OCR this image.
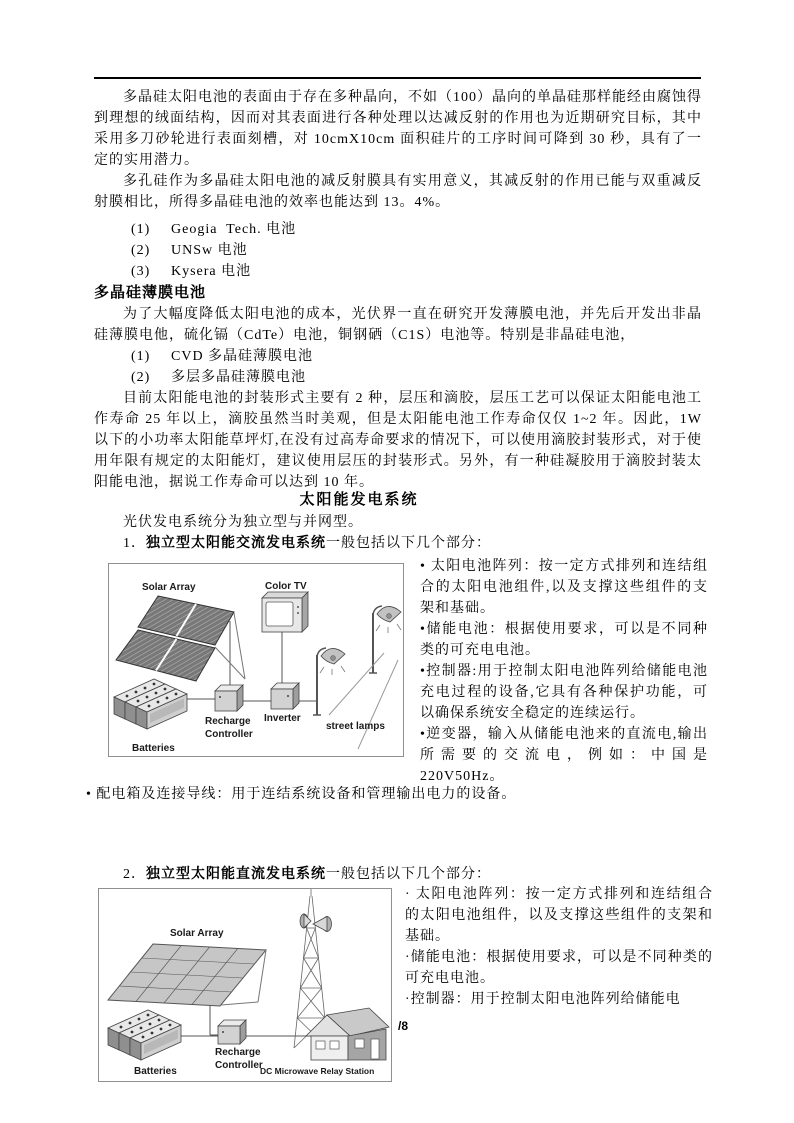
多晶硅太阳电池的表面由于存在多种晶向，不如（100）晶向的单晶硅那样能经由腐蚀得到理想的绒面结构，因而对其表面进行各种处理以达减反射的作用也为近期研究目标，其中采用多刀砂轮进行表面刻槽，对 10cmX10cm 面积硅片的工序时间可降到 30 秒，具有了一定的实用潜力。

多孔硅作为多晶硅太阳电池的减反射膜具有实用意义，其减反射的作用已能与双重减反射膜相比，所得多晶硅电池的效率也能达到 13。4%。

(1) Geogia  Tech. 电池
(2) UNSw 电池
(3) Kysera 电池
多晶硅薄膜电池

为了大幅度降低太阳电池的成本，光伏界一直在研究开发薄膜电池，并先后开发出非晶硅薄膜电他，硫化镉（CdTe）电池，铜钢硒（C1S）电池等。特别是非晶硅电池，

(1) CVD 多晶硅薄膜电池
(2) 多层多晶硅薄膜电池

目前太阳能电池的封装形式主要有 2 种，层压和滴胶，层压工艺可以保证太阳能电池工作寿命 25 年以上，滴胶虽然当时美观，但是太阳能电池工作寿命仅仅 1~2 年。因此，1W 以下的小功率太阳能草坪灯,在没有过高寿命要求的情况下，可以使用滴胶封装形式，对于使用年限有规定的太阳能灯，建议使用层压的封装形式。另外，有一种硅凝胶用于滴胶封装太阳能电池，据说工作寿命可以达到 10 年。

太阳能发电系统

光伏发电系统分为独立型与并网型。

1．独立型太阳能交流发电系统一般包括以下几个部分：
Solar Array	Color TV
Recharge
Controller
Inverter
street lamps
Batteries

• 太阳电池阵列：按一定方式排列和连结组合的太阳电池组件,以及支撑这些组件的支架和基础。

•储能电池：根据使用要求，可以是不同种类的可充电电池。

•控制器:用于控制太阳电池阵列给储能电池充电过程的设备,它具有各种保护功能，可以确保系统安全稳定的连续运行。

•逆变器，输入从储能电池来的直流电,输出所需要的交流电，例如：中国是220V50Hz。

• 配电箱及连接导线：用于连结系统设备和管理输出电力的设备。

2．独立型太阳能直流发电系统一般包括以下几个部分：
Solar Array
Recharge
Controller
Batteries	DC Microwave Relay Station

· 太阳电池阵列：按一定方式排列和连结组合的太阳电池组件，以及支撑这些组件的支架和基础。

·储能电池：根据使用要求，可以是不同种类的可充电电池。

·控制器：用于控制太阳电池阵列给储能电

/8
